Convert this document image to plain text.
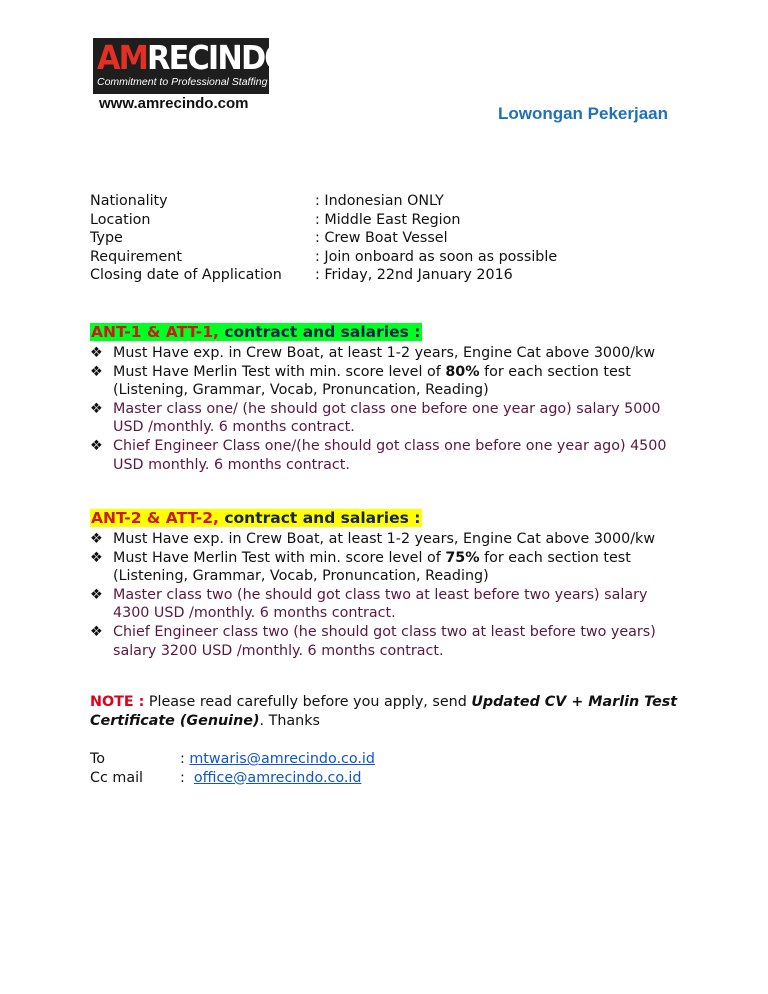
AMRECINDO
Commitment to Professional Staffing
www.amrecindo.com
Lowongan Pekerjaan
Nationality	: Indonesian ONLY
Location	: Middle East Region
Type	: Crew Boat Vessel
Requirement	: Join onboard as soon as possible
Closing date of Application	: Friday, 22nd January 2016
ANT-1 & ATT-1, contract and salaries :
❖ Must Have exp. in Crew Boat, at least 1-2 years, Engine Cat above 3000/kw
❖ Must Have Merlin Test with min. score level of 80% for each section test (Listening, Grammar, Vocab, Pronuncation, Reading)
❖ Master class one/ (he should got class one before one year ago) salary 5000 USD /monthly. 6 months contract.
❖ Chief Engineer Class one/(he should got class one before one year ago) 4500 USD monthly. 6 months contract.
ANT-2 & ATT-2, contract and salaries :
❖ Must Have exp. in Crew Boat, at least 1-2 years, Engine Cat above 3000/kw
❖ Must Have Merlin Test with min. score level of 75% for each section test (Listening, Grammar, Vocab, Pronuncation, Reading)
❖ Master class two (he should got class two at least before two years) salary 4300 USD /monthly. 6 months contract.
❖ Chief Engineer class two (he should got class two at least before two years) salary 3200 USD /monthly. 6 months contract.
NOTE : Please read carefully before you apply, send Updated CV + Marlin Test Certificate (Genuine). Thanks
To	: mtwaris@amrecindo.co.id
Cc mail	: office@amrecindo.co.id
